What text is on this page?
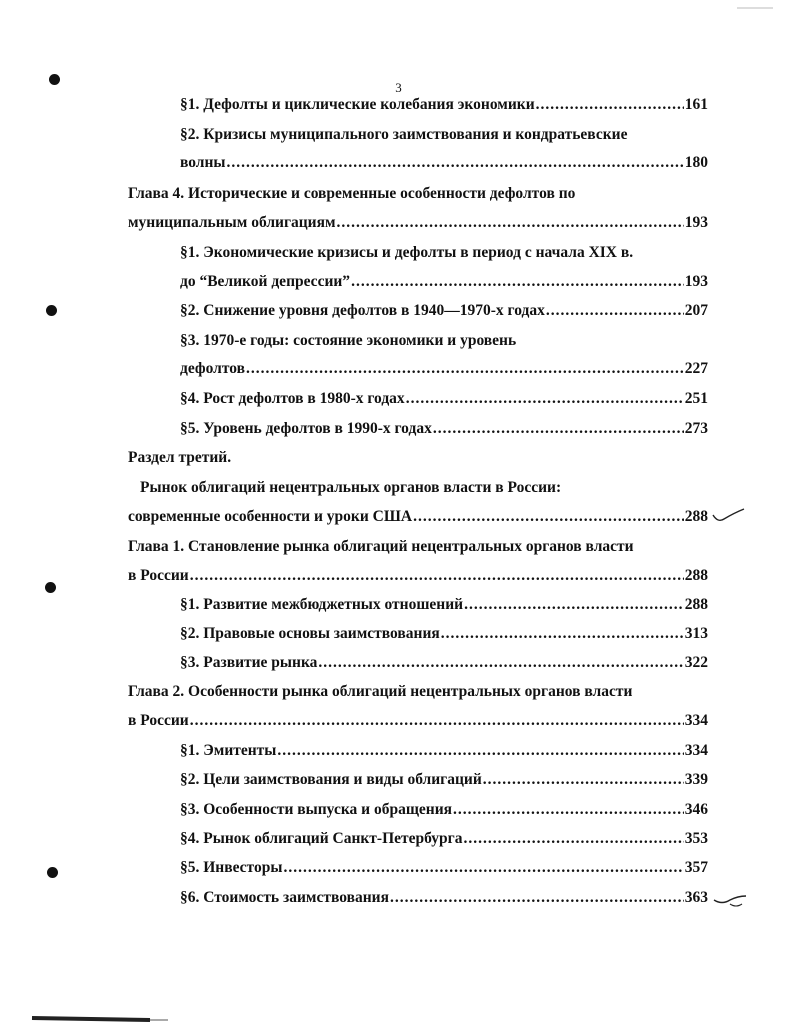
3
§1. Дефолты и циклические колебания экономики .....	161
§2. Кризисы муниципального заимствования и кондратьевские
волны .....	180
Глава 4. Исторические и современные особенности дефолтов по
муниципальным облигациям .....	193
§1. Экономические кризисы и дефолты в период с начала XIX в.
до “Великой депрессии” .....	193
§2. Снижение уровня дефолтов в 1940—1970-х годах .....	207
§3. 1970-е годы: состояние экономики и уровень
дефолтов .....	227
§4. Рост дефолтов в 1980-х годах .....	251
§5. Уровень дефолтов в 1990-х годах .....	273
Раздел третий.
Рынок облигаций нецентральных органов власти в России:
современные особенности и уроки США .....	288
Глава 1. Становление рынка облигаций нецентральных органов власти
в России .....	288
§1. Развитие межбюджетных отношений .....	288
§2. Правовые основы заимствования .....	313
§3. Развитие рынка .....	322
Глава 2. Особенности рынка облигаций нецентральных органов власти
в России .....	334
§1. Эмитенты .....	334
§2. Цели заимствования и виды облигаций .....	339
§3. Особенности выпуска и обращения .....	346
§4. Рынок облигаций Санкт-Петербурга .....	353
§5. Инвесторы .....	357
§6. Стоимость заимствования .....	363
